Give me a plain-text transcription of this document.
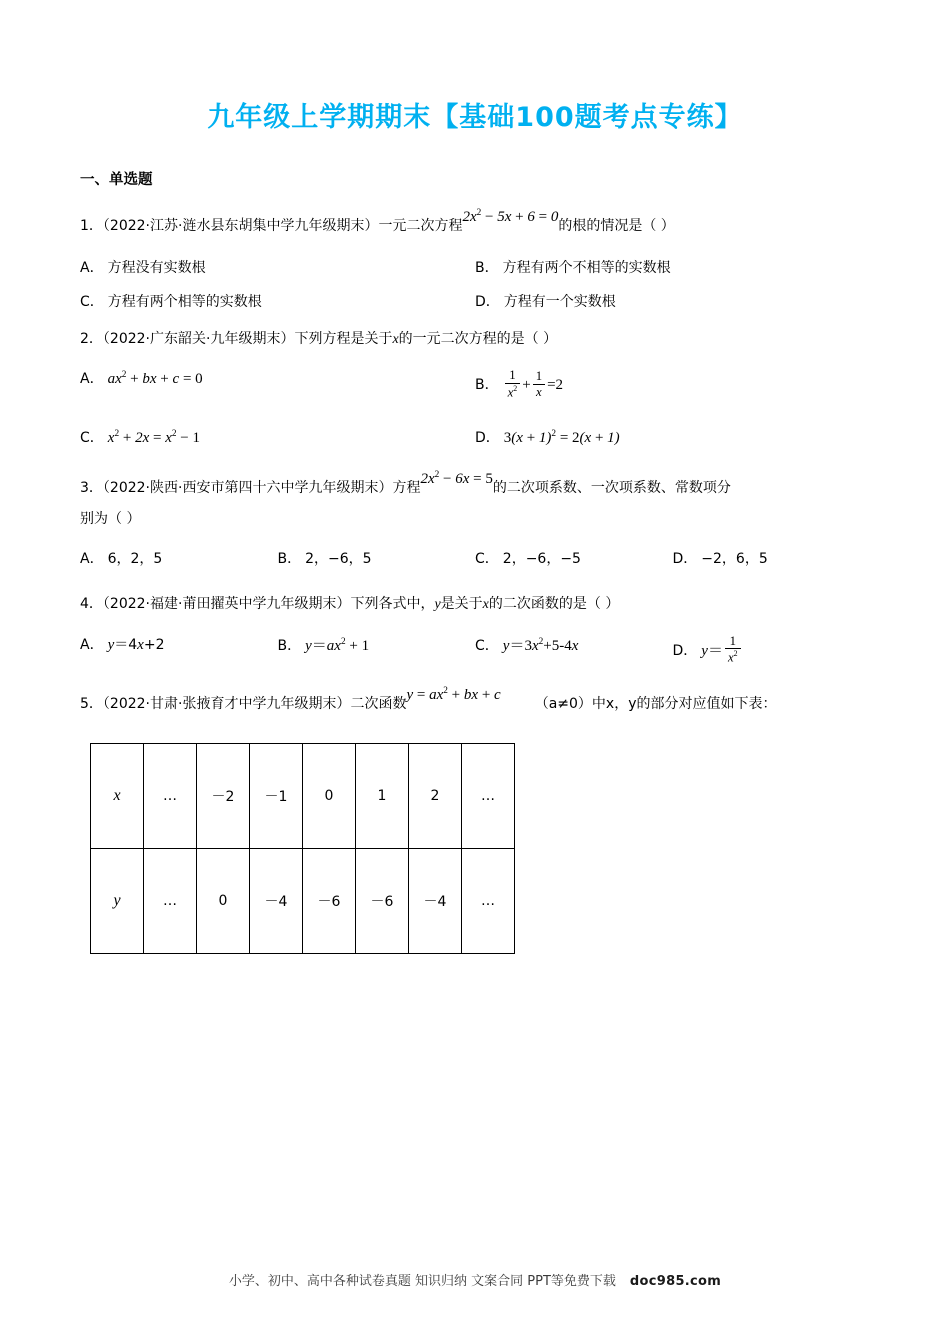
九年级上学期期末【基础100题考点专练】
一、单选题
1．（2022·江苏·涟水县东胡集中学九年级期末）一元二次方程$2x^2 - 5x + 6 = 0$的根的情况是（ ）
A． 方程没有实数根	B． 方程有两个不相等的实数根
C． 方程有两个相等的实数根	D． 方程有一个实数根
2．（2022·广东韶关·九年级期末）下列方程是关于x的一元二次方程的是（ ）
A． $ax^2$ + bx + c = 0	B． $\frac{1}{x^2} + \frac{1}{x} =2$
C． $x^2 + 2x = x^2 - 1$	D． $3(x + 1)^2 = 2(x + 1)$
3．（2022·陕西·西安市第四十六中学九年级期末）方程$2x^2 - 6x = 5$的二次项系数、一次项系数、常数项分
别为（ ）
A． 6，2，5	B． 2，−6，5	C． 2，−6，−5	D． −2，6，5
4．（2022·福建·莆田擢英中学九年级期末）下列各式中，y是关于x的二次函数的是（ ）
A． y＝4x+2	B． $y=ax^2 + 1$	C． $y=3x^2+5-4x$	D． $y= \frac{1}{x^2}$
5．（2022·甘肃·张掖育才中学九年级期末）二次函数$y = ax^2$ + bx + c（a≠0）中x，y的部分对应值如下表：
x	…	－2	－1	0	1	2	…
y	…	0	－4	－6	－6	－4	…
小学、初中、高中各种试卷真题 知识归纳 文案合同 PPT等免费下载 doc985.com
